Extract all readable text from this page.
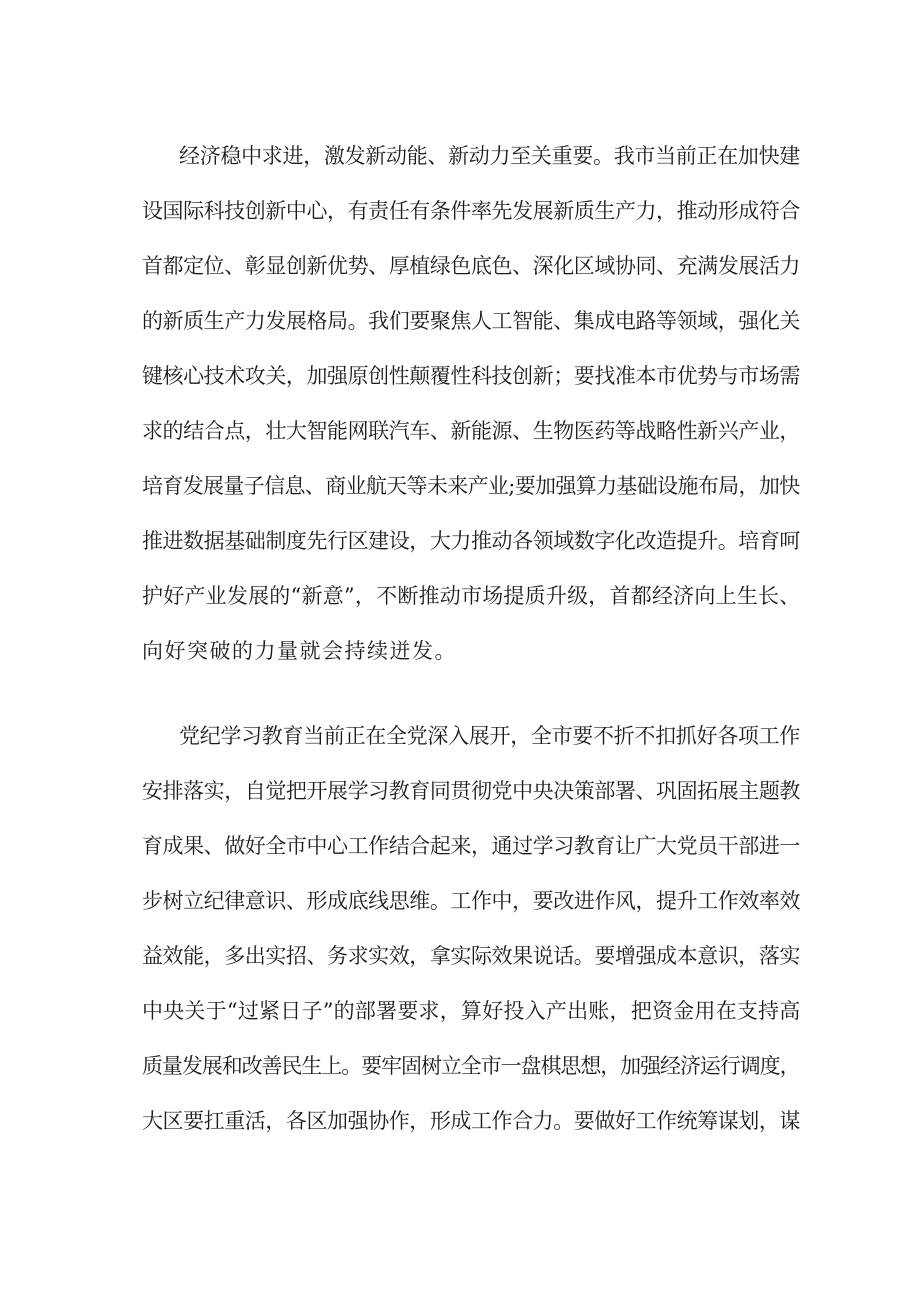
经济稳中求进，激发新动能、新动力至关重要。我市当前正在加快建
设国际科技创新中心，有责任有条件率先发展新质生产力，推动形成符合
首都定位、彰显创新优势、厚植绿色底色、深化区域协同、充满发展活力
的新质生产力发展格局。我们要聚焦人工智能、集成电路等领域，强化关
键核心技术攻关，加强原创性颠覆性科技创新；要找准本市优势与市场需
求的结合点，壮大智能网联汽车、新能源、生物医药等战略性新兴产业，
培育发展量子信息、商业航天等未来产业;要加强算力基础设施布局，加快
推进数据基础制度先行区建设，大力推动各领域数字化改造提升。培育呵
护好产业发展的“新意”，不断推动市场提质升级，首都经济向上生长、
向好突破的力量就会持续迸发。
党纪学习教育当前正在全党深入展开，全市要不折不扣抓好各项工作
安排落实，自觉把开展学习教育同贯彻党中央决策部署、巩固拓展主题教
育成果、做好全市中心工作结合起来，通过学习教育让广大党员干部进一
步树立纪律意识、形成底线思维。工作中，要改进作风，提升工作效率效
益效能，多出实招、务求实效，拿实际效果说话。要增强成本意识，落实
中央关于“过紧日子”的部署要求，算好投入产出账，把资金用在支持高
质量发展和改善民生上。要牢固树立全市一盘棋思想，加强经济运行调度，
大区要扛重活，各区加强协作，形成工作合力。要做好工作统筹谋划，谋
